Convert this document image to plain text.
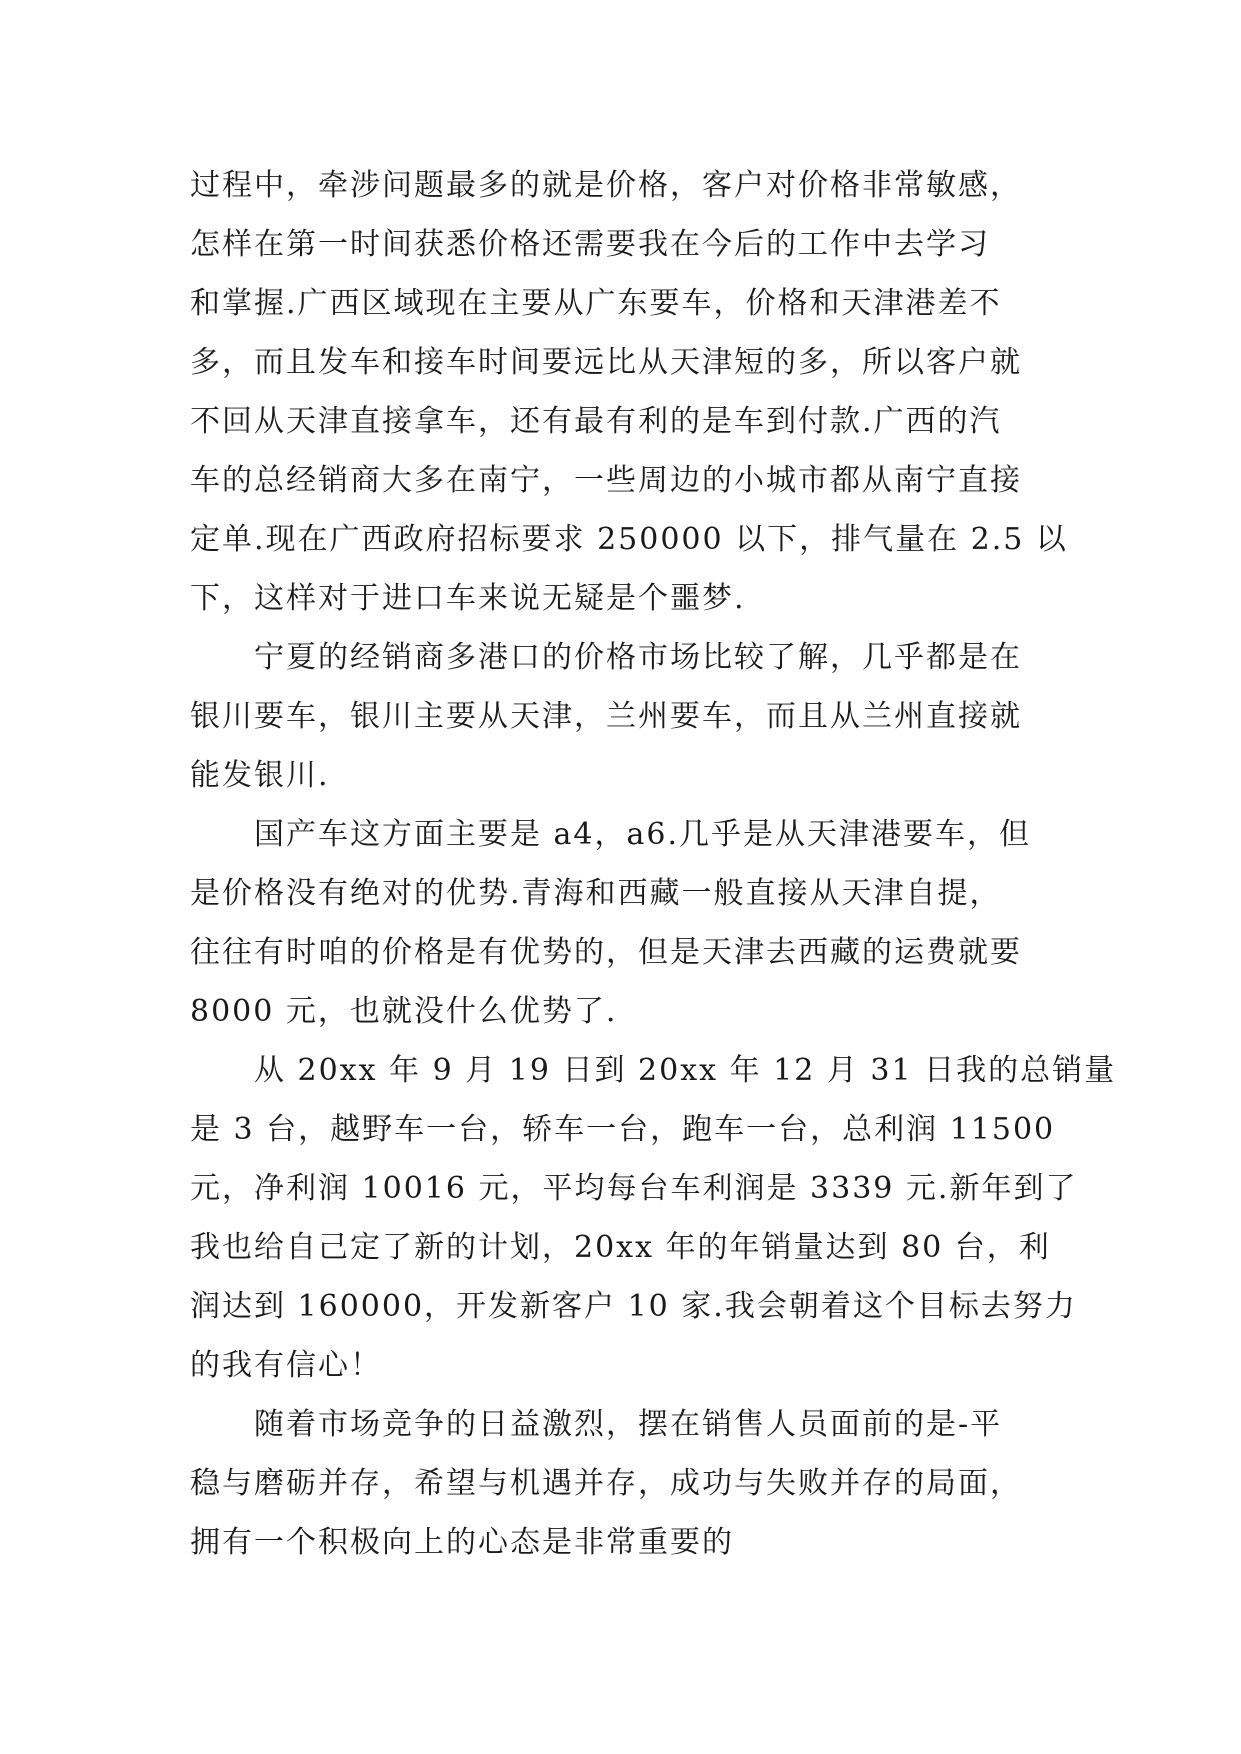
过程中，牵涉问题最多的就是价格，客户对价格非常敏感，
怎样在第一时间获悉价格还需要我在今后的工作中去学习
和掌握.广西区域现在主要从广东要车，价格和天津港差不
多，而且发车和接车时间要远比从天津短的多，所以客户就
不回从天津直接拿车，还有最有利的是车到付款.广西的汽
车的总经销商大多在南宁，一些周边的小城市都从南宁直接
定单.现在广西政府招标要求 250000 以下，排气量在 2.5 以
下，这样对于进口车来说无疑是个噩梦.
宁夏的经销商多港口的价格市场比较了解，几乎都是在
银川要车，银川主要从天津，兰州要车，而且从兰州直接就
能发银川.
国产车这方面主要是 a4，a6.几乎是从天津港要车，但
是价格没有绝对的优势.青海和西藏一般直接从天津自提，
往往有时咱的价格是有优势的，但是天津去西藏的运费就要
8000 元，也就没什么优势了.
从 20xx 年 9 月 19 日到 20xx 年 12 月 31 日我的总销量
是 3 台，越野车一台，轿车一台，跑车一台，总利润 11500
元，净利润 10016 元，平均每台车利润是 3339 元.新年到了
我也给自己定了新的计划，20xx 年的年销量达到 80 台，利
润达到 160000，开发新客户 10 家.我会朝着这个目标去努力
的我有信心！
随着市场竞争的日益激烈，摆在销售人员面前的是-平
稳与磨砺并存，希望与机遇并存，成功与失败并存的局面，
拥有一个积极向上的心态是非常重要的
